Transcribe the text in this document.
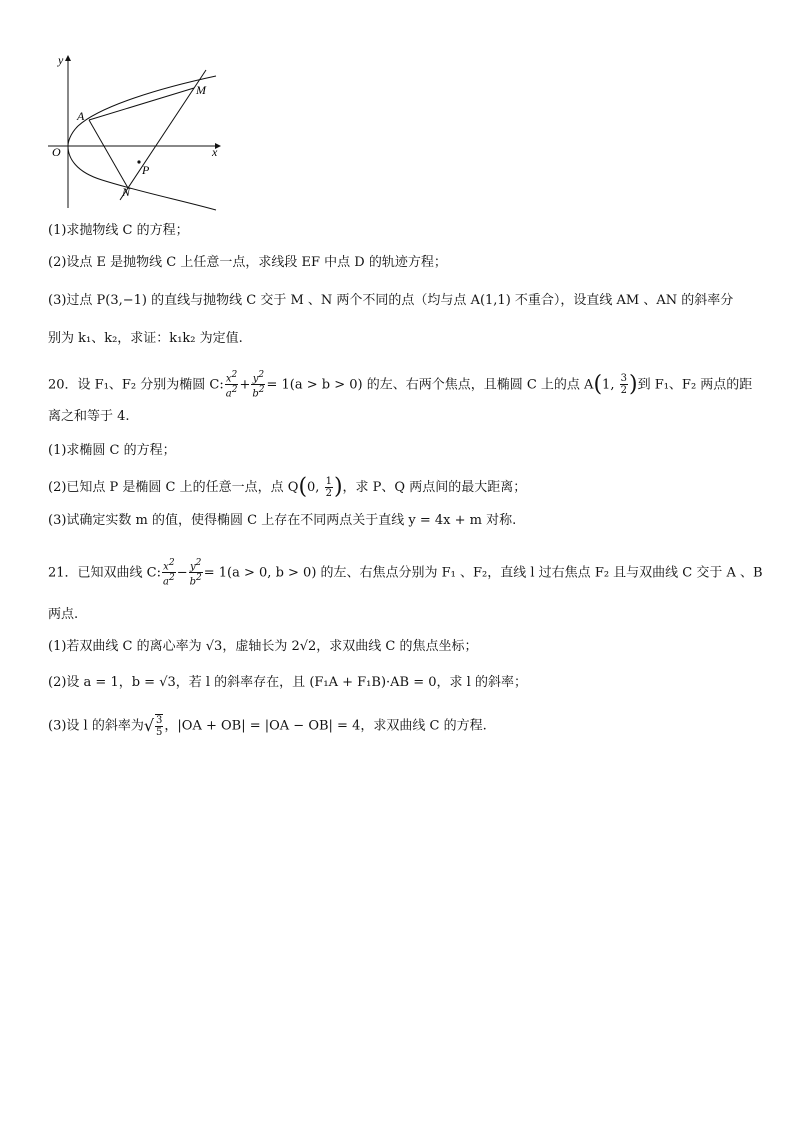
y
x
O
A
M
P
N
(1)求抛物线 C 的方程；
(2)设点 E 是抛物线 C 上任意一点，求线段 EF 中点 D 的轨迹方程；
(3)过点 P(3,−1) 的直线与抛物线 C 交于 M 、N 两个不同的点（均与点 A(1,1) 不重合），设直线 AM 、AN 的斜率分
别为 k₁、k₂，求证：k₁k₂ 为定值.
20．设 F₁、F₂ 分别为椭圆 C: $\frac{x^2}{a^2} + \frac{y^2}{b^2} = 1(a > b > 0)$ 的左、右两个焦点，且椭圆 C 上的点 A(1, $\frac{3}{2}$ )到 F₁、F₂ 两点的距
离之和等于 4.
(1)求椭圆 C 的方程；
(2)已知点 P 是椭圆 C 上的任意一点，点 Q(0, $\frac{1}{2}$ )，求 P、Q 两点间的最大距离；
(3)试确定实数 m 的值，使得椭圆 C 上存在不同两点关于直线 y = 4x + m 对称.
21．已知双曲线 C: $\frac{x^2}{a^2} - \frac{y^2}{b^2} = 1(a > 0$, b > 0) 的左、右焦点分别为 F₁ 、F₂，直线 l 过右焦点 F₂ 且与双曲线 C 交于 A 、B
两点.
(1)若双曲线 C 的离心率为 √3，虚轴长为 2√2，求双曲线 C 的焦点坐标；
(2)设 a = 1，b = √3，若 l 的斜率存在，且 (F₁A + F₁B)·AB = 0，求 l 的斜率；
(3)设 l 的斜率为√ $\frac{3}{5}$ ，|OA + OB| = |OA − OB| = 4，求双曲线 C 的方程.
